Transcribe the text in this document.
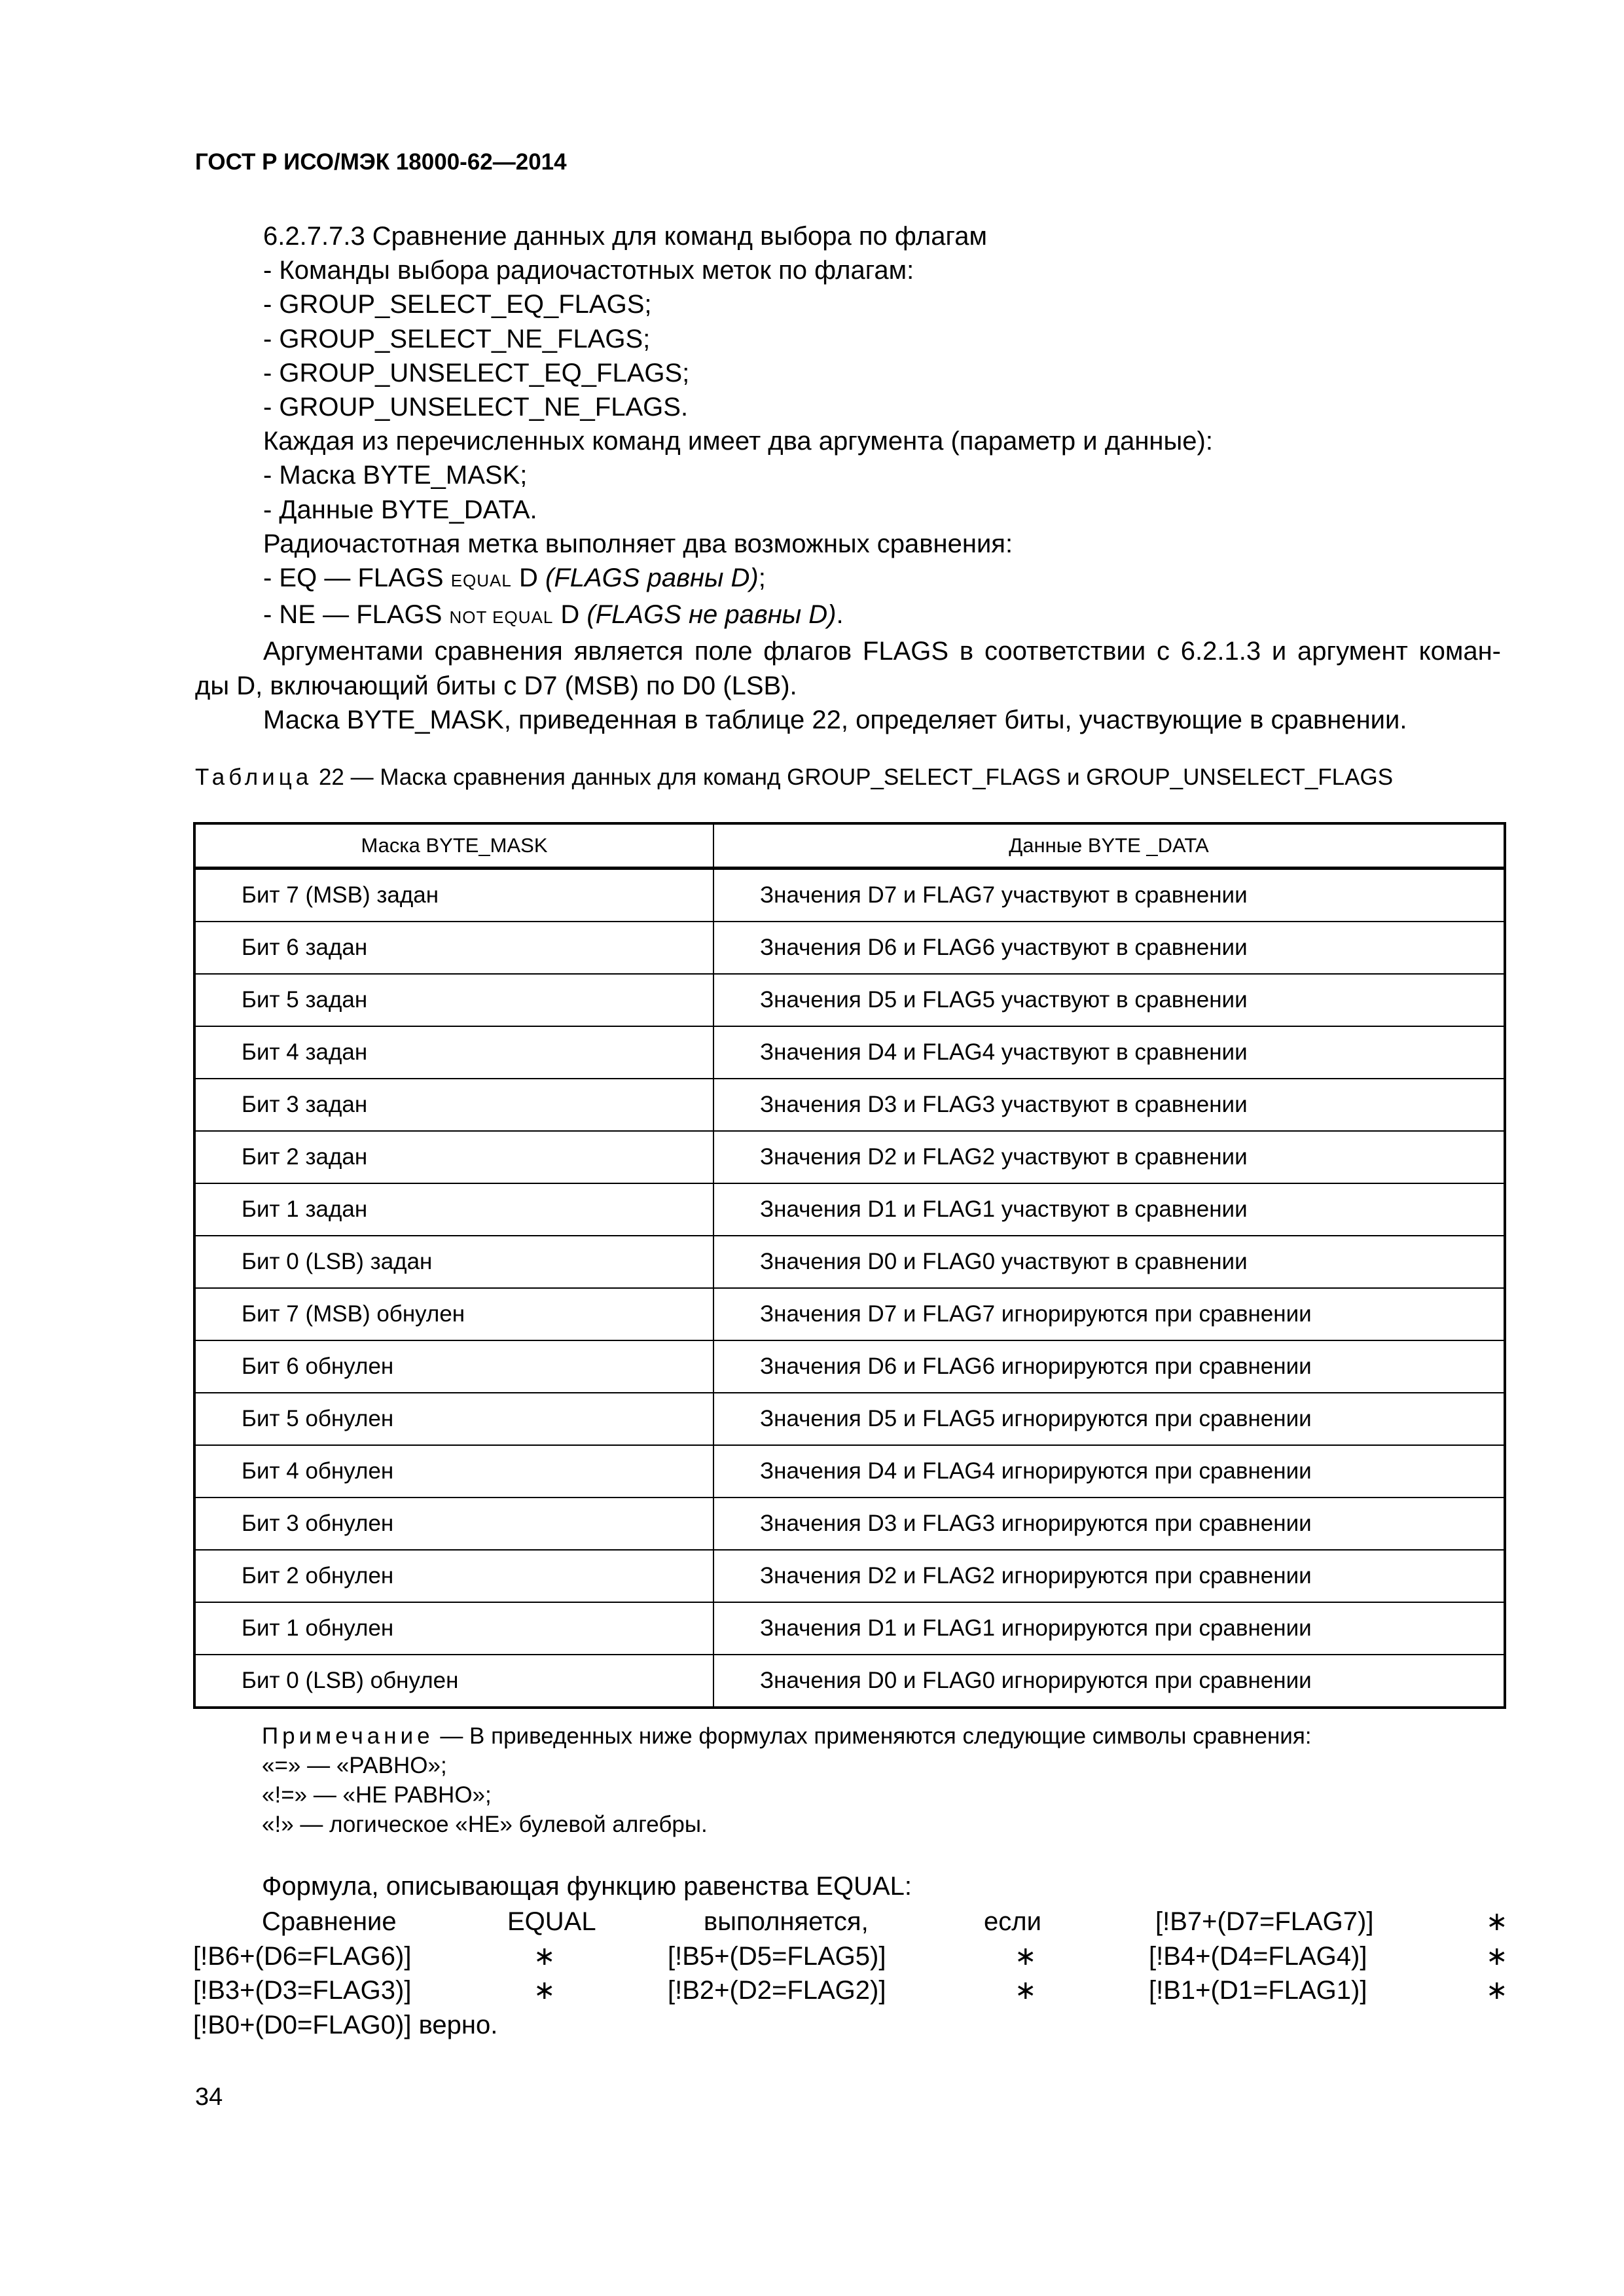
ГОСТ Р ИСО/МЭК 18000-62—2014
6.2.7.7.3 Сравнение данных для команд выбора по флагам
- Команды выбора радиочастотных меток по флагам:
- GROUP_SELECT_EQ_FLAGS;
- GROUP_SELECT_NE_FLAGS;
- GROUP_UNSELECT_EQ_FLAGS;
- GROUP_UNSELECT_NE_FLAGS.
Каждая из перечисленных команд имеет два аргумента (параметр и данные):
- Маска BYTE_MASK;
- Данные BYTE_DATA.
Радиочастотная метка выполняет два возможных сравнения:
- EQ — FLAGS EQUAL D (FLAGS равны D);
- NE — FLAGS NOT EQUAL D (FLAGS не равны D).
Аргументами сравнения является поле флагов FLAGS в соответствии с 6.2.1.3 и аргумент коман-
ды D, включающий биты с D7 (MSB) по D0 (LSB).
Маска BYTE_MASK, приведенная в таблице 22, определяет биты, участвующие в сравнении.
Таблица 22 — Маска сравнения данных для команд GROUP_SELECT_FLAGS и GROUP_UNSELECT_FLAGS
Маска BYTE_MASK	Данные BYTE _DATA
Бит 7 (MSB) задан	Значения D7 и FLAG7 участвуют в сравнении
Бит 6 задан	Значения D6 и FLAG6 участвуют в сравнении
Бит 5 задан	Значения D5 и FLAG5 участвуют в сравнении
Бит 4 задан	Значения D4 и FLAG4 участвуют в сравнении
Бит 3 задан	Значения D3 и FLAG3 участвуют в сравнении
Бит 2 задан	Значения D2 и FLAG2 участвуют в сравнении
Бит 1 задан	Значения D1 и FLAG1 участвуют в сравнении
Бит 0 (LSB) задан	Значения D0 и FLAG0 участвуют в сравнении
Бит 7 (MSB) обнулен	Значения D7 и FLAG7 игнорируются при сравнении
Бит 6 обнулен	Значения D6 и FLAG6 игнорируются при сравнении
Бит 5 обнулен	Значения D5 и FLAG5 игнорируются при сравнении
Бит 4 обнулен	Значения D4 и FLAG4 игнорируются при сравнении
Бит 3 обнулен	Значения D3 и FLAG3 игнорируются при сравнении
Бит 2 обнулен	Значения D2 и FLAG2 игнорируются при сравнении
Бит 1 обнулен	Значения D1 и FLAG1 игнорируются при сравнении
Бит 0 (LSB) обнулен	Значения D0 и FLAG0 игнорируются при сравнении
Примечание — В приведенных ниже формулах применяются следующие символы сравнения:
«=» — «РАВНО»;
«!=» — «НЕ РАВНО»;
«!» — логическое «НЕ» булевой алгебры.
Формула, описывающая функцию равенства EQUAL:
Сравнение	EQUAL	выполняется,	если	[!B7+(D7=FLAG7)]	∗
[!B6+(D6=FLAG6)]	∗	[!B5+(D5=FLAG5)]	∗	[!B4+(D4=FLAG4)]	∗
[!B3+(D3=FLAG3)]	∗	[!B2+(D2=FLAG2)]	∗	[!B1+(D1=FLAG1)]	∗
[!B0+(D0=FLAG0)] верно.
34
